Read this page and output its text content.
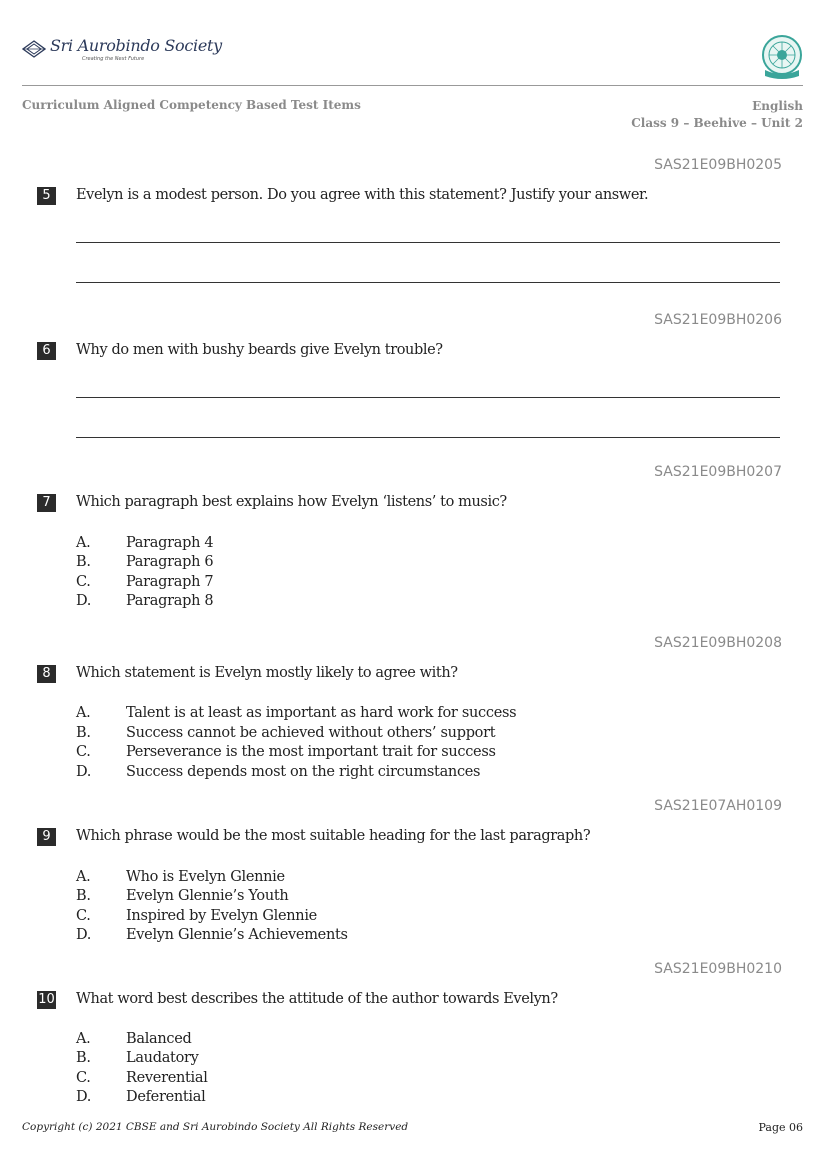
Sri Aurobindo Society
Creating the Next Future
Curriculum Aligned Competency Based Test Items	English
Class 9 – Beehive – Unit 2
SAS21E09BH0205
5	Evelyn is a modest person. Do you agree with this statement? Justify your answer.
SAS21E09BH0206
6	Why do men with bushy beards give Evelyn trouble?
SAS21E09BH0207
7	Which paragraph best explains how Evelyn ‘listens’ to music?
A. Paragraph 4
B. Paragraph 6
C. Paragraph 7
D. Paragraph 8
SAS21E09BH0208
8	Which statement is Evelyn mostly likely to agree with?
A. Talent is at least as important as hard work for success
B. Success cannot be achieved without others’ support
C. Perseverance is the most important trait for success
D. Success depends most on the right circumstances
SAS21E07AH0109
9	Which phrase would be the most suitable heading for the last paragraph?
A. Who is Evelyn Glennie
B. Evelyn Glennie’s Youth
C. Inspired by Evelyn Glennie
D. Evelyn Glennie’s Achievements
SAS21E09BH0210
10 What word best describes the attitude of the author towards Evelyn?
A. Balanced
B. Laudatory
C. Reverential
D. Deferential
Copyright (c) 2021 CBSE and Sri Aurobindo Society All Rights Reserved	Page 06
